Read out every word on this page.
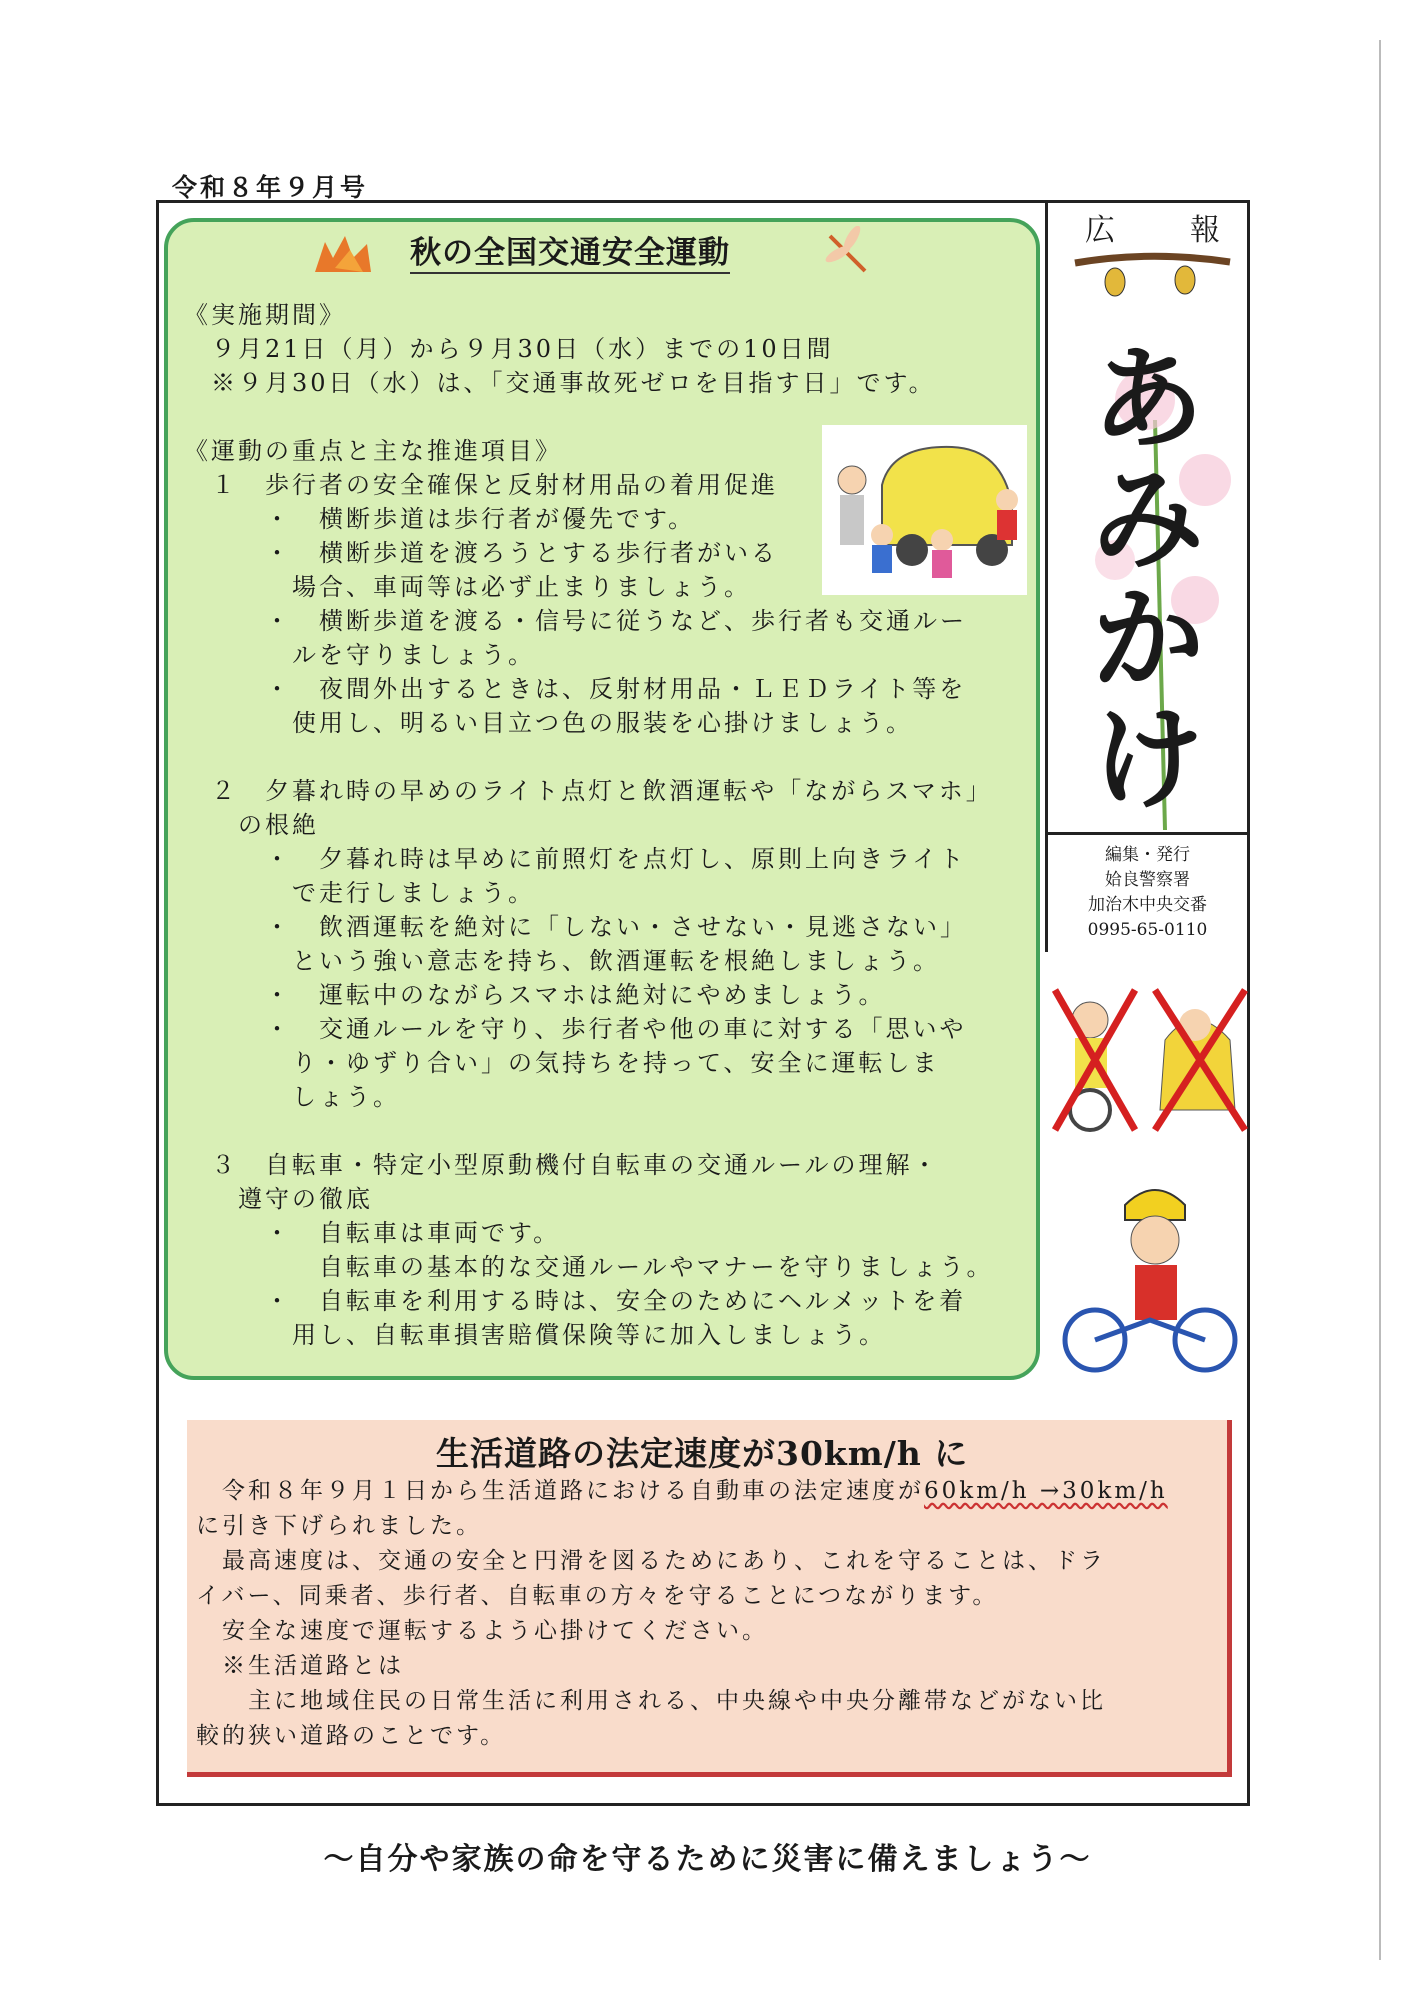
令和８年９月号
秋の全国交通安全運動

《実施期間》

　９月21日（月）から９月30日（水）までの10日間

　※９月30日（水）は、「交通事故死ゼロを目指す日」です。

《運動の重点と主な推進項目》

　１　歩行者の安全確保と反射材用品の着用促進

　　　・　横断歩道は歩行者が優先です。

　　　・　横断歩道を渡ろうとする歩行者がいる

　　　　場合、車両等は必ず止まりましょう。

　　　・　横断歩道を渡る・信号に従うなど、歩行者も交通ルー

　　　　ルを守りましょう。

　　　・　夜間外出するときは、反射材用品・ＬＥＤライト等を

　　　　使用し、明るい目立つ色の服装を心掛けましょう。

　２　夕暮れ時の早めのライト点灯と飲酒運転や「ながらスマホ」

　　の根絶

　　　・　夕暮れ時は早めに前照灯を点灯し、原則上向きライト

　　　　で走行しましょう。

　　　・　飲酒運転を絶対に「しない・させない・見逃さない」

　　　　という強い意志を持ち、飲酒運転を根絶しましょう。

　　　・　運転中のながらスマホは絶対にやめましょう。

　　　・　交通ルールを守り、歩行者や他の車に対する「思いや

　　　　り・ゆずり合い」の気持ちを持って、安全に運転しま

　　　　しょう。

　３　自転車・特定小型原動機付自転車の交通ルールの理解・

　　遵守の徹底

　　　・　自転車は車両です。

　　　　　自転車の基本的な交通ルールやマナーを守りましょう。

　　　・　自転車を利用する時は、安全のためにヘルメットを着

　　　　用し、自転車損害賠償保険等に加入しましょう。

広	報
あ
み
か
け
編集・発行
姶良警察署
加治木中央交番
0995-65-0110
生活道路の法定速度が30km/h に

　令和８年９月１日から生活道路における自動車の法定速度が60km/h →30km/h

に引き下げられました。

　最高速度は、交通の安全と円滑を図るためにあり、これを守ることは、ドラ

イバー、同乗者、歩行者、自転車の方々を守ることにつながります。

　安全な速度で運転するよう心掛けてください。

　※生活道路とは

　　主に地域住民の日常生活に利用される、中央線や中央分離帯などがない比

較的狭い道路のことです。

～自分や家族の命を守るために災害に備えましょう～
